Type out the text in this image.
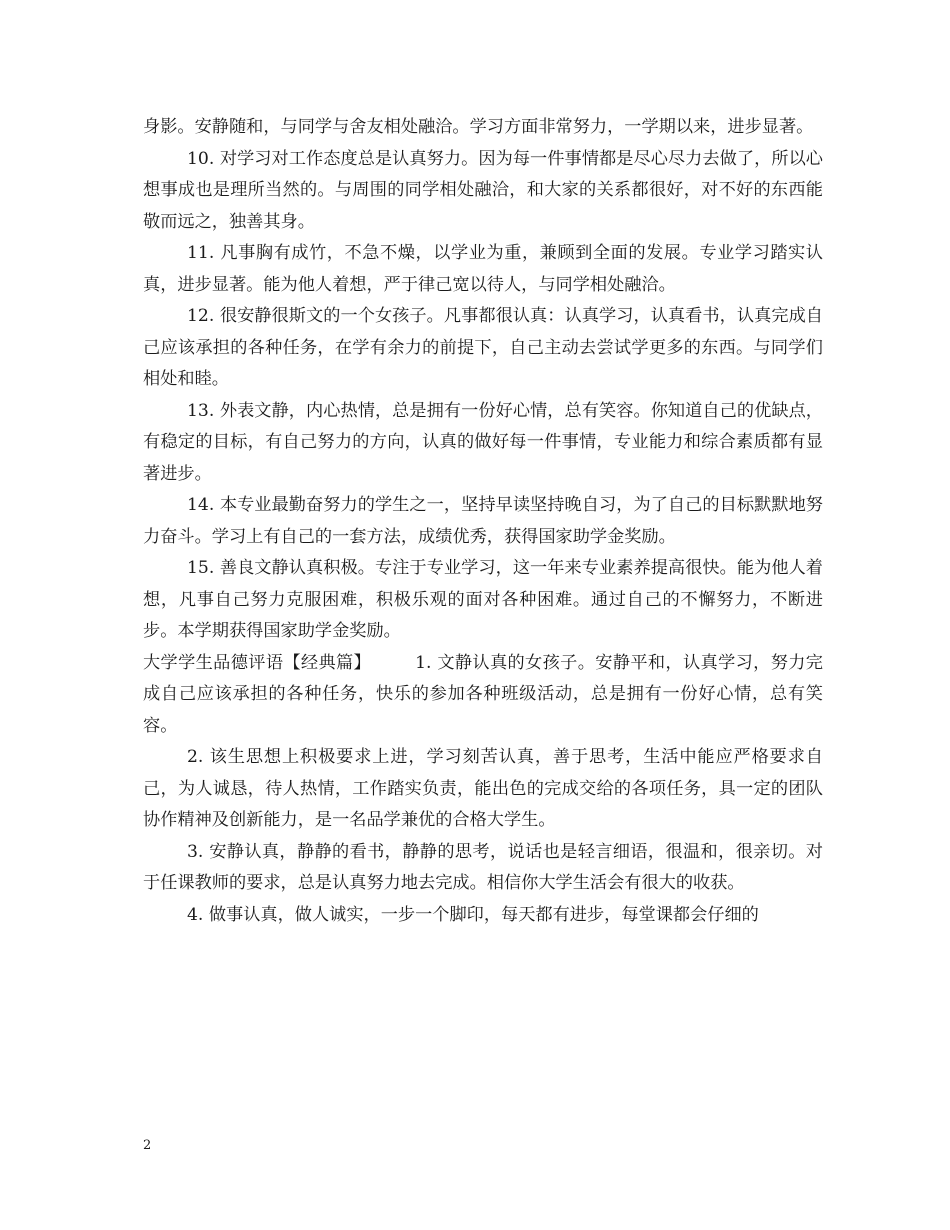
身影。安静随和，与同学与舍友相处融洽。学习方面非常努力，一学期以来，进步显著。

10. 对学习对工作态度总是认真努力。因为每一件事情都是尽心尽力去做了，所以心想事成也是理所当然的。与周围的同学相处融洽，和大家的关系都很好，对不好的东西能敬而远之，独善其身。

11. 凡事胸有成竹，不急不燥，以学业为重，兼顾到全面的发展。专业学习踏实认真，进步显著。能为他人着想，严于律己宽以待人，与同学相处融洽。

12. 很安静很斯文的一个女孩子。凡事都很认真：认真学习，认真看书，认真完成自己应该承担的各种任务，在学有余力的前提下，自己主动去尝试学更多的东西。与同学们相处和睦。

13. 外表文静，内心热情，总是拥有一份好心情，总有笑容。你知道自己的优缺点，有稳定的目标，有自己努力的方向，认真的做好每一件事情，专业能力和综合素质都有显著进步。

14. 本专业最勤奋努力的学生之一，坚持早读坚持晚自习，为了自己的目标默默地努力奋斗。学习上有自己的一套方法，成绩优秀，获得国家助学金奖励。

15. 善良文静认真积极。专注于专业学习，这一年来专业素养提高很快。能为他人着想，凡事自己努力克服困难，积极乐观的面对各种困难。通过自己的不懈努力，不断进步。本学期获得国家助学金奖励。

大学学生品德评语【经典篇】	1. 文静认真的女孩子。安静平和，认真学习，努力完成自己应该承担的各种任务，快乐的参加各种班级活动，总是拥有一份好心情，总有笑容。

2. 该生思想上积极要求上进，学习刻苦认真，善于思考，生活中能应严格要求自己，为人诚恳，待人热情，工作踏实负责，能出色的完成交给的各项任务，具一定的团队协作精神及创新能力，是一名品学兼优的合格大学生。

3. 安静认真，静静的看书，静静的思考，说话也是轻言细语，很温和，很亲切。对于任课教师的要求，总是认真努力地去完成。相信你大学生活会有很大的收获。

4. 做事认真，做人诚实，一步一个脚印，每天都有进步，每堂课都会仔细的

2
